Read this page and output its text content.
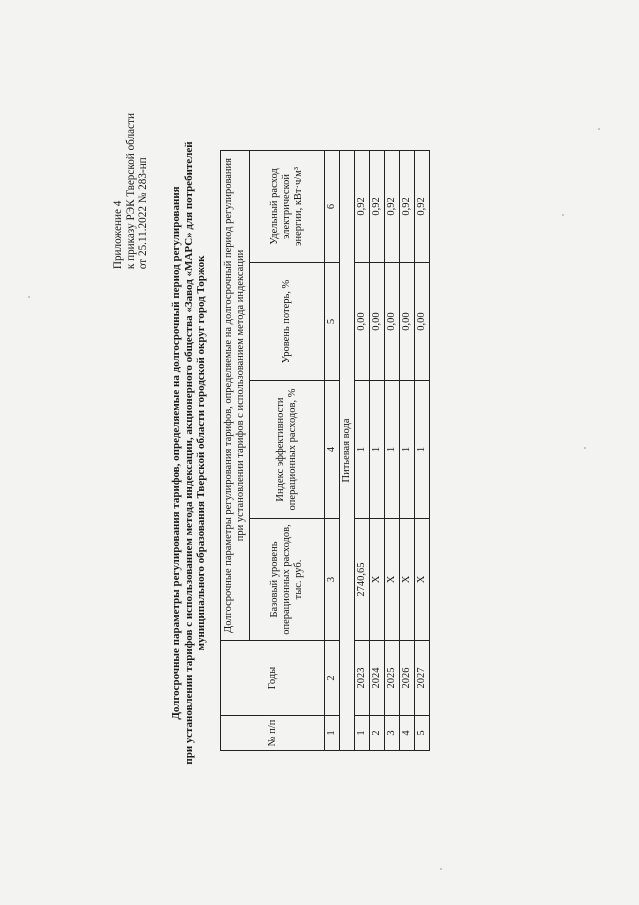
Приложение 4 к приказу РЭК Тверской области от 25.11.2022 № 283-нп Долгосрочные параметры регулирования тарифов, определяемые на долгосрочный период регулирования при установлении тарифов с использованием метода индексации, акционерного общества «Завод «МАРС» для потребителей муниципального образования Тверской области городской округ город Торжок
№ п/п	Годы	Долгосрочные параметры регулирования тарифов, определяемые на долгосрочный период регулирования при установлении тарифов с использованием метода индексации			
		Базовый уровень операционных расходов, тыс. руб.	Индекс эффективности операционных расходов, %	Уровень потерь, %	Удельный расход электрической энергии, кВт·ч/м³
1	2	3	4	5	6
Питьевая вода					
1	2023	2740,65	1	0,00	0,92
2	2024	Х	1	0,00	0,92
3	2025	Х	1	0,00	0,92
4	2026	Х	1	0,00	0,92
5	2027	Х	1	0,00	0,92
